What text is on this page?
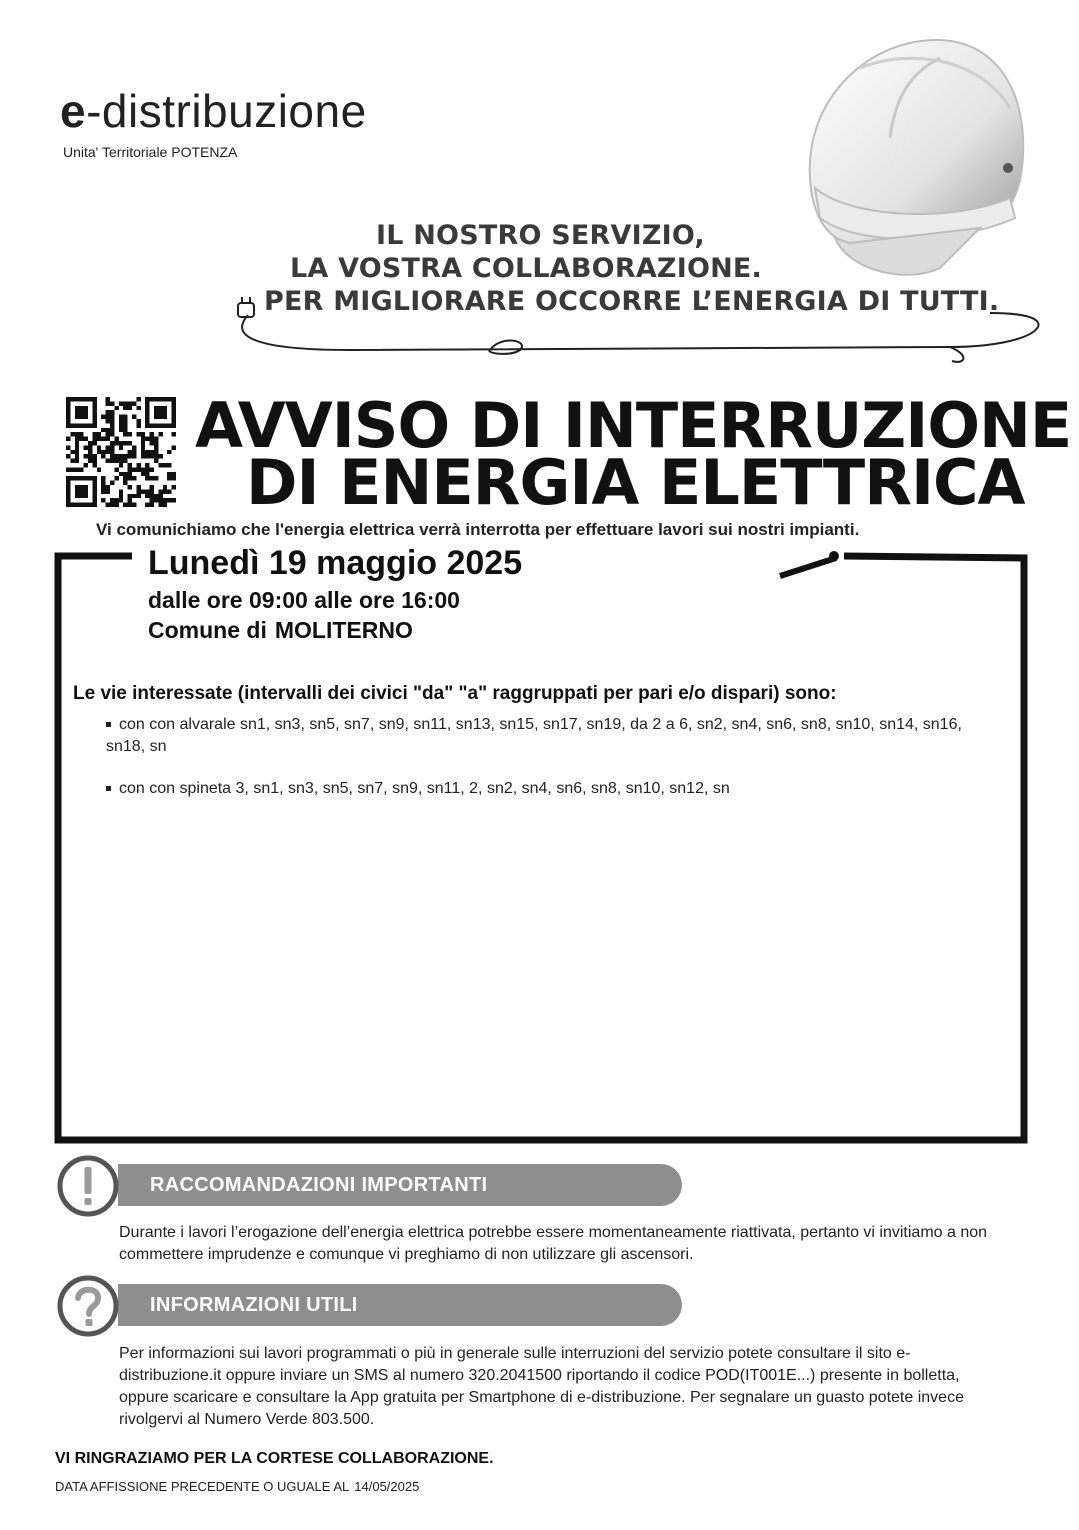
e-distribuzione
Unita' Territoriale POTENZA
IL NOSTRO SERVIZIO,
LA VOSTRA COLLABORAZIONE.
PER MIGLIORARE OCCORRE L’ENERGIA DI TUTTI.
AVVISO DI INTERRUZIONE
DI ENERGIA ELETTRICA
Vi comunichiamo che l'energia elettrica verrà interrotta per effettuare lavori sui nostri impianti.
Lunedì 19 maggio 2025
dalle ore 09:00 alle ore 16:00
Comune di MOLITERNO
Le vie interessate (intervalli dei civici "da" "a" raggruppati per pari e/o dispari) sono:
con con alvarale sn1, sn3, sn5, sn7, sn9, sn11, sn13, sn15, sn17, sn19, da 2 a 6, sn2, sn4, sn6, sn8, sn10, sn14, sn16, sn18, sn
con con spineta 3, sn1, sn3, sn5, sn7, sn9, sn11, 2, sn2, sn4, sn6, sn8, sn10, sn12, sn
RACCOMANDAZIONI IMPORTANTI
Durante i lavori l’erogazione dell’energia elettrica potrebbe essere momentaneamente riattivata, pertanto vi invitiamo a non commettere imprudenze e comunque vi preghiamo di non utilizzare gli ascensori.
INFORMAZIONI UTILI
Per informazioni sui lavori programmati o più in generale sulle interruzioni del servizio potete consultare il sito e-distribuzione.it oppure inviare un SMS al numero 320.2041500 riportando il codice POD(IT001E...) presente in bolletta, oppure scaricare e consultare la App gratuita per Smartphone di e-distribuzione. Per segnalare un guasto potete invece rivolgervi al Numero Verde 803.500.
VI RINGRAZIAMO PER LA CORTESE COLLABORAZIONE.
DATA AFFISSIONE PRECEDENTE O UGUALE AL 14/05/2025
